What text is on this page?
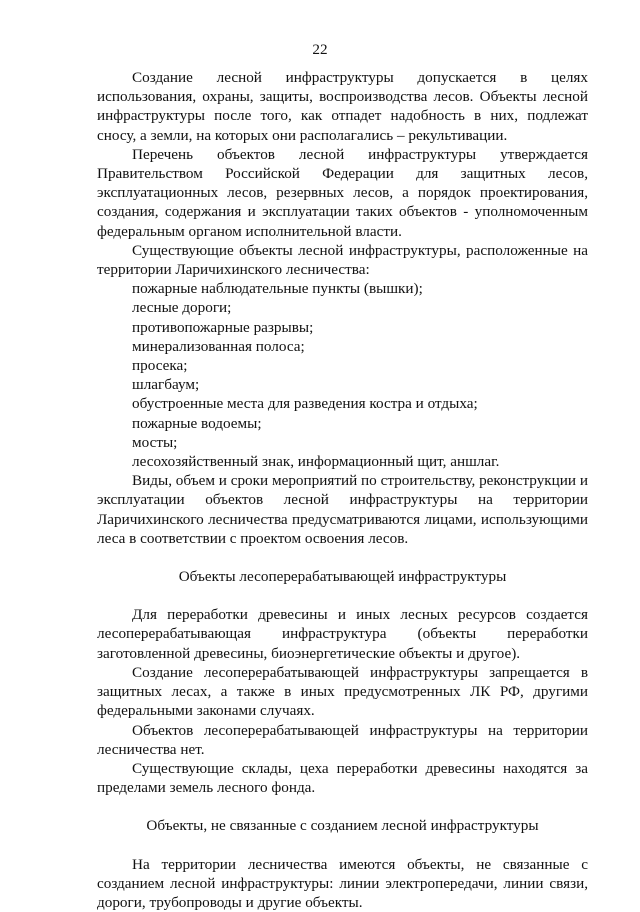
22

Создание лесной инфраструктуры допускается в целях использования, охраны, защиты, воспроизводства лесов. Объекты лесной инфраструктуры после того, как отпадет надобность в них, подлежат сносу, а земли, на которых они располагались – рекультивации.

Перечень объектов лесной инфраструктуры утверждается Правительством Российской Федерации для защитных лесов, эксплуатационных лесов, резервных лесов, а порядок проектирования, создания, содержания и эксплуатации таких объектов - уполномоченным федеральным органом исполнительной власти.

Существующие объекты лесной инфраструктуры, расположенные на территории Ларичихинского лесничества:

пожарные наблюдательные пункты (вышки);

лесные дороги;

противопожарные разрывы;

минерализованная полоса;

просека;

шлагбаум;

обустроенные места для разведения костра и отдыха;

пожарные водоемы;

мосты;

лесохозяйственный знак, информационный щит, аншлаг.

Виды, объем и сроки мероприятий по строительству, реконструкции и эксплуатации объектов лесной инфраструктуры на территории Ларичихинского лесничества предусматриваются лицами, использующими леса в соответствии с проектом освоения лесов.

Объекты лесоперерабатывающей инфраструктуры

Для переработки древесины и иных лесных ресурсов создается лесоперерабатывающая инфраструктура (объекты переработки заготовленной древесины, биоэнергетические объекты и другое).

Создание лесоперерабатывающей инфраструктуры запрещается в защитных лесах, а также в иных предусмотренных ЛК РФ, другими федеральными законами случаях.

Объектов лесоперерабатывающей инфраструктуры на территории лесничества нет.

Существующие склады, цеха переработки древесины находятся за пределами земель лесного фонда.

Объекты, не связанные с созданием лесной инфраструктуры

На территории лесничества имеются объекты, не связанные с созданием лесной инфраструктуры: линии электропередачи, линии связи, дороги, трубопроводы и другие объекты.
